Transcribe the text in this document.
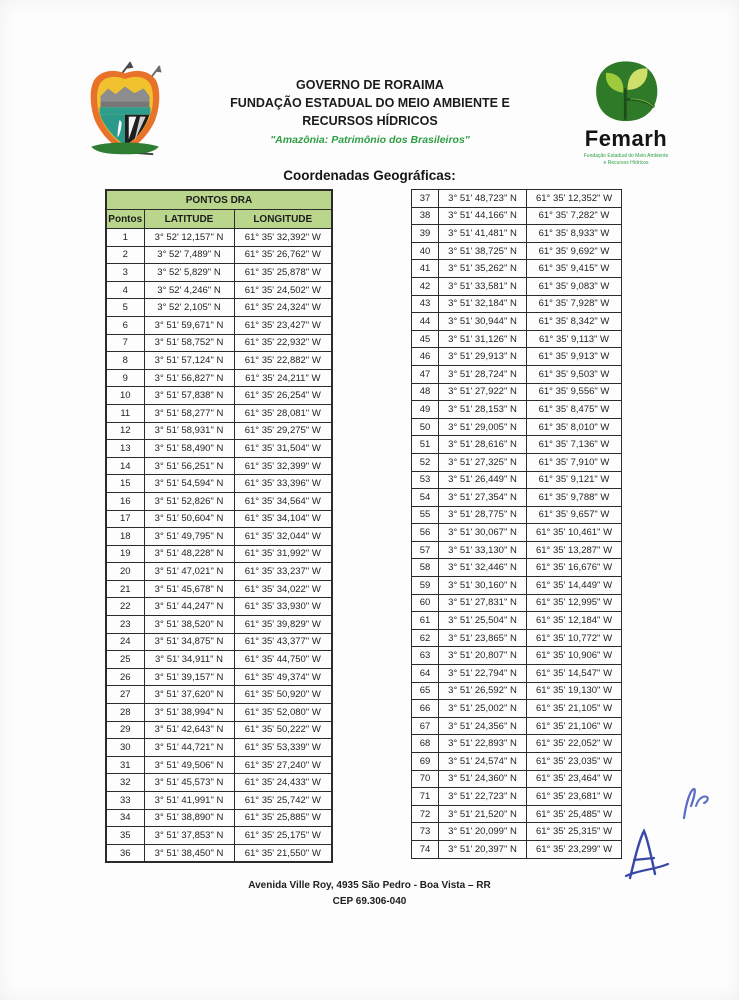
GOVERNO DE RORAIMA
FUNDAÇÃO ESTADUAL DO MEIO AMBIENTE E
RECURSOS HÍDRICOS
"Amazônia: Patrimônio dos Brasileiros"	Femarh
Fundação Estadual do Meio Ambiente
e Recursos Hídricos
Coordenadas Geográficas:
PONTOS DRA		
Pontos	LATITUDE	LONGITUDE
1	3° 52' 12,157" N	61° 35' 32,392" W
2	3° 52' 7,489" N	61° 35' 26,762" W
3	3° 52' 5,829" N	61° 35' 25,878" W
4	3° 52' 4,246" N	61° 35' 24,502" W
5	3° 52' 2,105" N	61° 35' 24,324" W
6	3° 51' 59,671" N	61° 35' 23,427" W
7	3° 51' 58,752" N	61° 35' 22,932" W
8	3° 51' 57,124" N	61° 35' 22,882" W
9	3° 51' 56,827" N	61° 35' 24,211" W
10	3° 51' 57,838" N	61° 35' 26,254" W
11	3° 51' 58,277" N	61° 35' 28,081" W
12	3° 51' 58,931" N	61° 35' 29,275" W
13	3° 51' 58,490" N	61° 35' 31,504" W
14	3° 51' 56,251" N	61° 35' 32,399" W
15	3° 51' 54,594" N	61° 35' 33,396" W
16	3° 51' 52,826" N	61° 35' 34,564" W
17	3° 51' 50,604" N	61° 35' 34,104" W
18	3° 51' 49,795" N	61° 35' 32,044" W
19	3° 51' 48,228" N	61° 35' 31,992" W
20	3° 51' 47,021" N	61° 35' 33,237" W
21	3° 51' 45,678" N	61° 35' 34,022" W
22	3° 51' 44,247" N	61° 35' 33,930" W
23	3° 51' 38,520" N	61° 35' 39,829" W
24	3° 51' 34,875" N	61° 35' 43,377" W
25	3° 51' 34,911" N	61° 35' 44,750" W
26	3° 51' 39,157" N	61° 35' 49,374" W
27	3° 51' 37,620" N	61° 35' 50,920" W
28	3° 51' 38,994" N	61° 35' 52,080" W
29	3° 51' 42,643" N	61° 35' 50,222" W
30	3° 51' 44,721" N	61° 35' 53,339" W
31	3° 51' 49,506" N	61° 35' 27,240" W
32	3° 51' 45,573" N	61° 35' 24,433" W
33	3° 51' 41,991" N	61° 35' 25,742" W
34	3° 51' 38,890" N	61° 35' 25,885" W
35	3° 51' 37,853" N	61° 35' 25,175" W
36	3° 51' 38,450" N	61° 35' 21,550" W
37	3° 51' 48,723" N	61° 35' 12,352" W
38	3° 51' 44,166" N	61° 35' 7,282" W
39	3° 51' 41,481" N	61° 35' 8,933" W
40	3° 51' 38,725" N	61° 35' 9,692" W
41	3° 51' 35,262" N	61° 35' 9,415" W
42	3° 51' 33,581" N	61° 35' 9,083" W
43	3° 51' 32,184" N	61° 35' 7,928" W
44	3° 51' 30,944" N	61° 35' 8,342" W
45	3° 51' 31,126" N	61° 35' 9,113" W
46	3° 51' 29,913" N	61° 35' 9,913" W
47	3° 51' 28,724" N	61° 35' 9,503" W
48	3° 51' 27,922" N	61° 35' 9,556" W
49	3° 51' 28,153" N	61° 35' 8,475" W
50	3° 51' 29,005" N	61° 35' 8,010" W
51	3° 51' 28,616" N	61° 35' 7,136" W
52	3° 51' 27,325" N	61° 35' 7,910" W
53	3° 51' 26,449" N	61° 35' 9,121" W
54	3° 51' 27,354" N	61° 35' 9,788" W
55	3° 51' 28,775" N	61° 35' 9,657" W
56	3° 51' 30,067" N	61° 35' 10,461" W
57	3° 51' 33,130" N	61° 35' 13,287" W
58	3° 51' 32,446" N	61° 35' 16,676" W
59	3° 51' 30,160" N	61° 35' 14,449" W
60	3° 51' 27,831" N	61° 35' 12,995" W
61	3° 51' 25,504" N	61° 35' 12,184" W
62	3° 51' 23,865" N	61° 35' 10,772" W
63	3° 51' 20,807" N	61° 35' 10,906" W
64	3° 51' 22,794" N	61° 35' 14,547" W
65	3° 51' 26,592" N	61° 35' 19,130" W
66	3° 51' 25,002" N	61° 35' 21,105" W
67	3° 51' 24,356" N	61° 35' 21,106" W
68	3° 51' 22,893" N	61° 35' 22,052" W
69	3° 51' 24,574" N	61° 35' 23,035" W
70	3° 51' 24,360" N	61° 35' 23,464" W
71	3° 51' 22,723" N	61° 35' 23,681" W
72	3° 51' 21,520" N	61° 35' 25,485" W
73	3° 51' 20,099" N	61° 35' 25,315" W
74	3° 51' 20,397" N	61° 35' 23,299" W
Avenida Ville Roy, 4935 São Pedro - Boa Vista – RR
CEP 69.306-040
